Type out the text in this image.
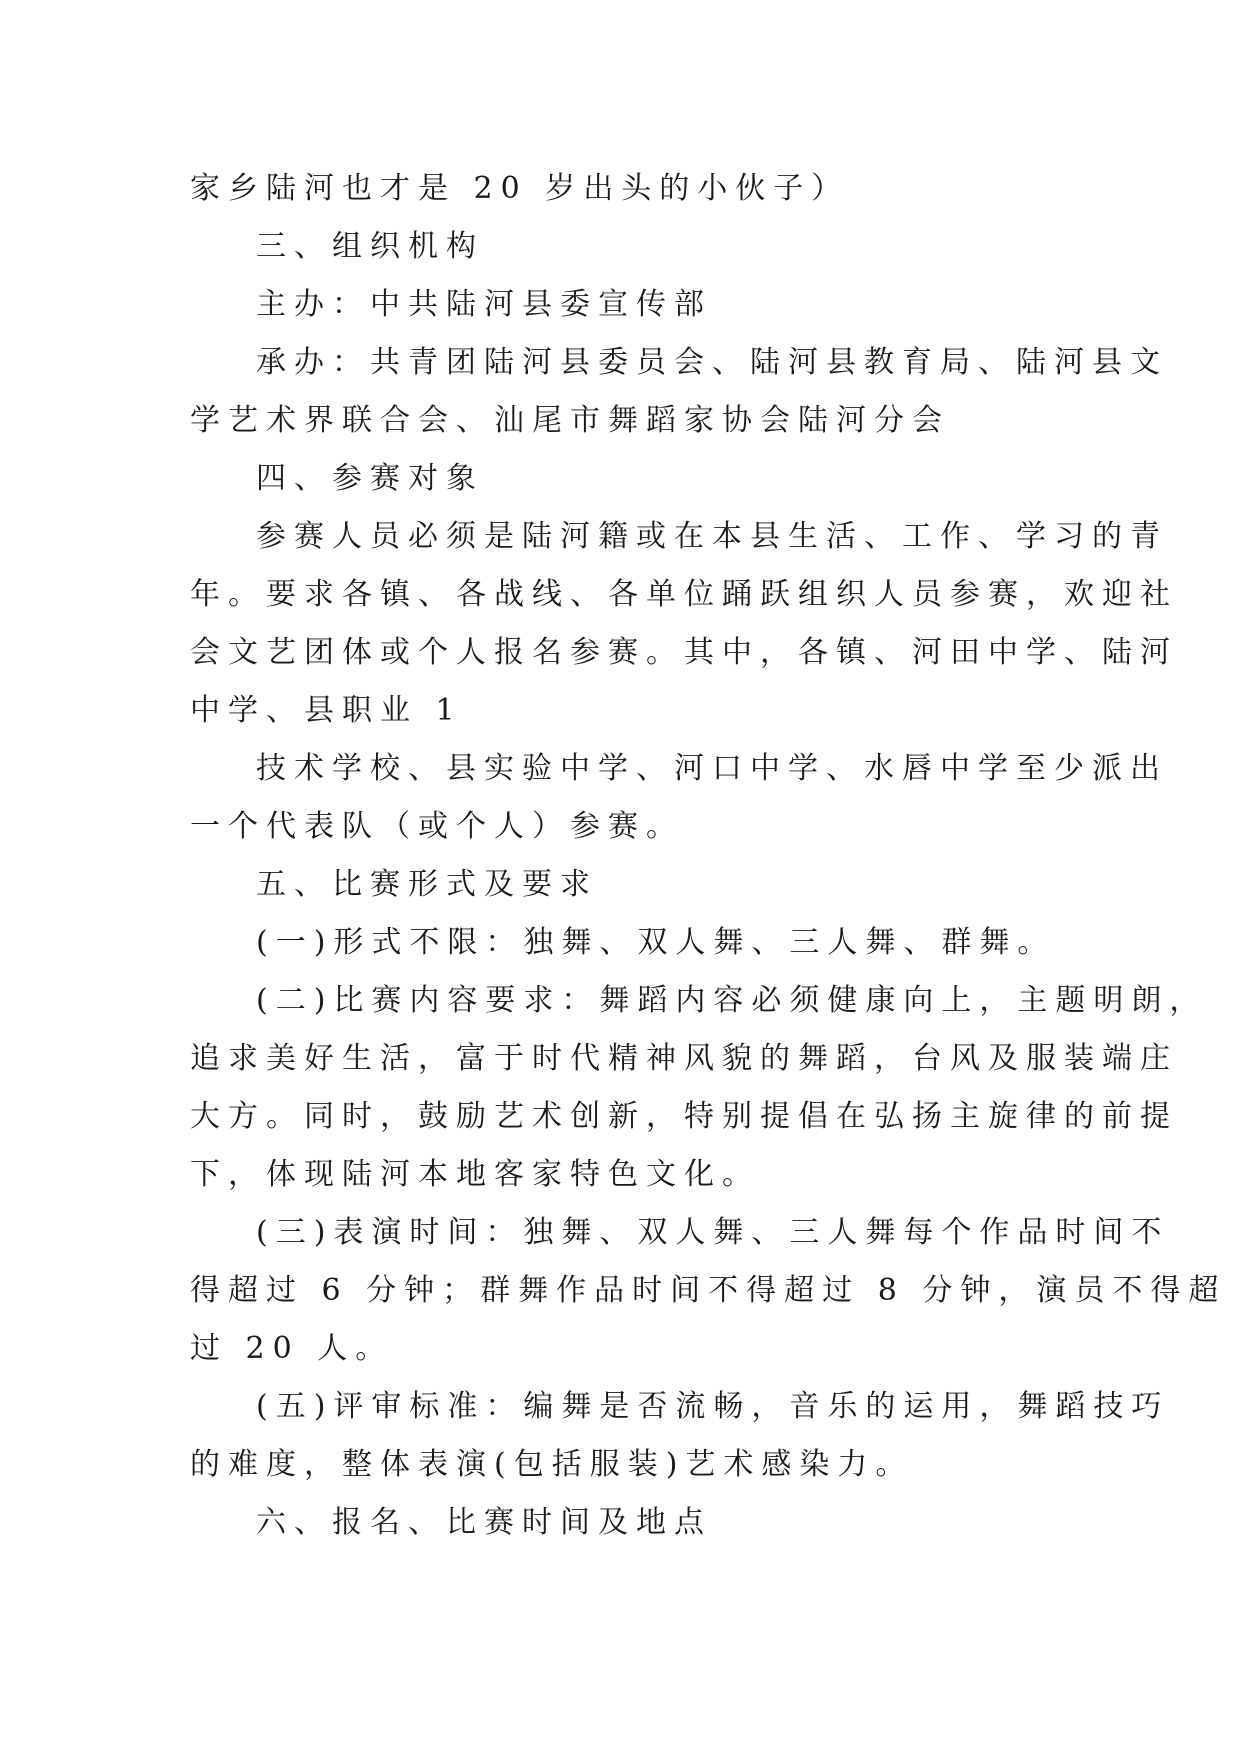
家乡陆河也才是 20 岁出头的小伙子）
三、组织机构
主办：中共陆河县委宣传部
承办：共青团陆河县委员会、陆河县教育局、陆河县文
学艺术界联合会、汕尾市舞蹈家协会陆河分会
四、参赛对象
参赛人员必须是陆河籍或在本县生活、工作、学习的青
年。要求各镇、各战线、各单位踊跃组织人员参赛，欢迎社
会文艺团体或个人报名参赛。其中，各镇、河田中学、陆河
中学、县职业 1
技术学校、县实验中学、河口中学、水唇中学至少派出
一个代表队（或个人）参赛。
五、比赛形式及要求
(一)形式不限：独舞、双人舞、三人舞、群舞。
(二)比赛内容要求：舞蹈内容必须健康向上，主题明朗，
追求美好生活，富于时代精神风貌的舞蹈，台风及服装端庄
大方。同时，鼓励艺术创新，特别提倡在弘扬主旋律的前提
下，体现陆河本地客家特色文化。
(三)表演时间：独舞、双人舞、三人舞每个作品时间不
得超过 6 分钟；群舞作品时间不得超过 8 分钟，演员不得超
过 20 人。
(五)评审标准：编舞是否流畅，音乐的运用，舞蹈技巧
的难度，整体表演(包括服装)艺术感染力。
六、报名、比赛时间及地点
